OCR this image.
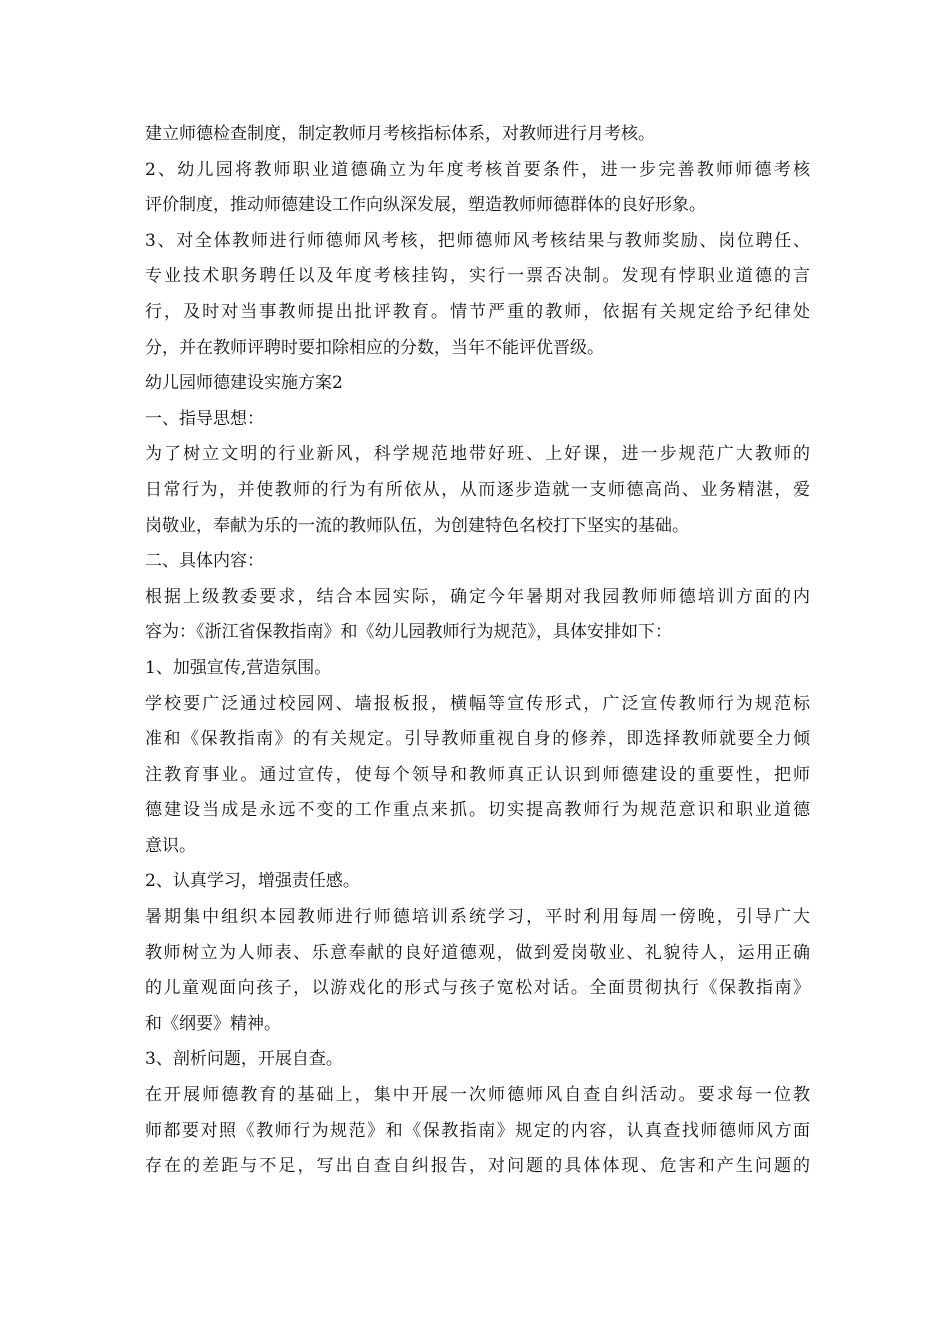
建立师德检查制度，制定教师月考核指标体系，对教师进行月考核。
2、幼儿园将教师职业道德确立为年度考核首要条件，进一步完善教师师德考核
评价制度，推动师德建设工作向纵深发展，塑造教师师德群体的良好形象。
3、对全体教师进行师德师风考核，把师德师风考核结果与教师奖励、岗位聘任、
专业技术职务聘任以及年度考核挂钩，实行一票否决制。发现有悖职业道德的言
行，及时对当事教师提出批评教育。情节严重的教师，依据有关规定给予纪律处
分，并在教师评聘时要扣除相应的分数，当年不能评优晋级。
幼儿园师德建设实施方案2
一、指导思想：
为了树立文明的行业新风，科学规范地带好班、上好课，进一步规范广大教师的
日常行为，并使教师的行为有所依从，从而逐步造就一支师德高尚、业务精湛，爱
岗敬业，奉献为乐的一流的教师队伍，为创建特色名校打下坚实的基础。
二、具体内容：
根据上级教委要求，结合本园实际，确定今年暑期对我园教师师德培训方面的内
容为：《浙江省保教指南》和《幼儿园教师行为规范》，具体安排如下：
1、加强宣传,营造氛围。
学校要广泛通过校园网、墙报板报，横幅等宣传形式，广泛宣传教师行为规范标
准和《保教指南》的有关规定。引导教师重视自身的修养，即选择教师就要全力倾
注教育事业。通过宣传，使每个领导和教师真正认识到师德建设的重要性，把师
德建设当成是永远不变的工作重点来抓。切实提高教师行为规范意识和职业道德
意识。
2、认真学习，增强责任感。
暑期集中组织本园教师进行师德培训系统学习，平时利用每周一傍晚，引导广大
教师树立为人师表、乐意奉献的良好道德观，做到爱岗敬业、礼貌待人，运用正确
的儿童观面向孩子，以游戏化的形式与孩子宽松对话。全面贯彻执行《保教指南》
和《纲要》精神。
3、剖析问题，开展自查。
在开展师德教育的基础上，集中开展一次师德师风自查自纠活动。要求每一位教
师都要对照《教师行为规范》和《保教指南》规定的内容，认真查找师德师风方面
存在的差距与不足，写出自查自纠报告，对问题的具体体现、危害和产生问题的
